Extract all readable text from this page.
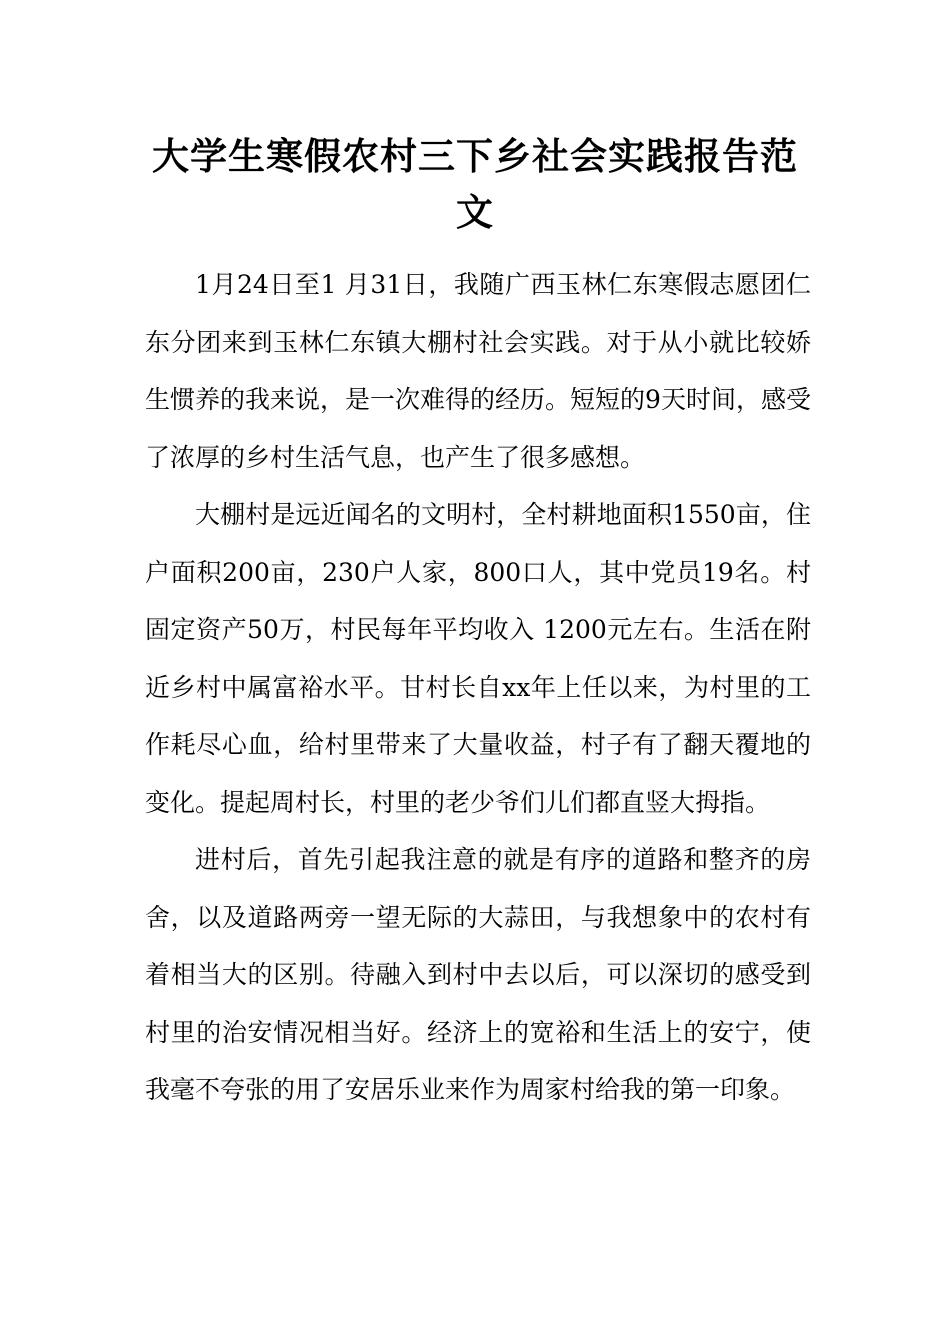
大学生寒假农村三下乡社会实践报告范文

1月24日至1 月31日，我随广西玉林仁东寒假志愿团仁东分团来到玉林仁东镇大棚村社会实践。对于从小就比较娇生惯养的我来说，是一次难得的经历。短短的9天时间，感受了浓厚的乡村生活气息，也产生了很多感想。

大棚村是远近闻名的文明村，全村耕地面积1550亩，住户面积200亩，230户人家，800口人，其中党员19名。村固定资产50万，村民每年平均收入 1200元左右。生活在附近乡村中属富裕水平。甘村长自xx年上任以来，为村里的工作耗尽心血，给村里带来了大量收益，村子有了翻天覆地的变化。提起周村长，村里的老少爷们儿们都直竖大拇指。

进村后，首先引起我注意的就是有序的道路和整齐的房舍，以及道路两旁一望无际的大蒜田，与我想象中的农村有着相当大的区别。待融入到村中去以后，可以深切的感受到村里的治安情况相当好。经济上的宽裕和生活上的安宁，使我毫不夸张的用了安居乐业来作为周家村给我的第一印象。
